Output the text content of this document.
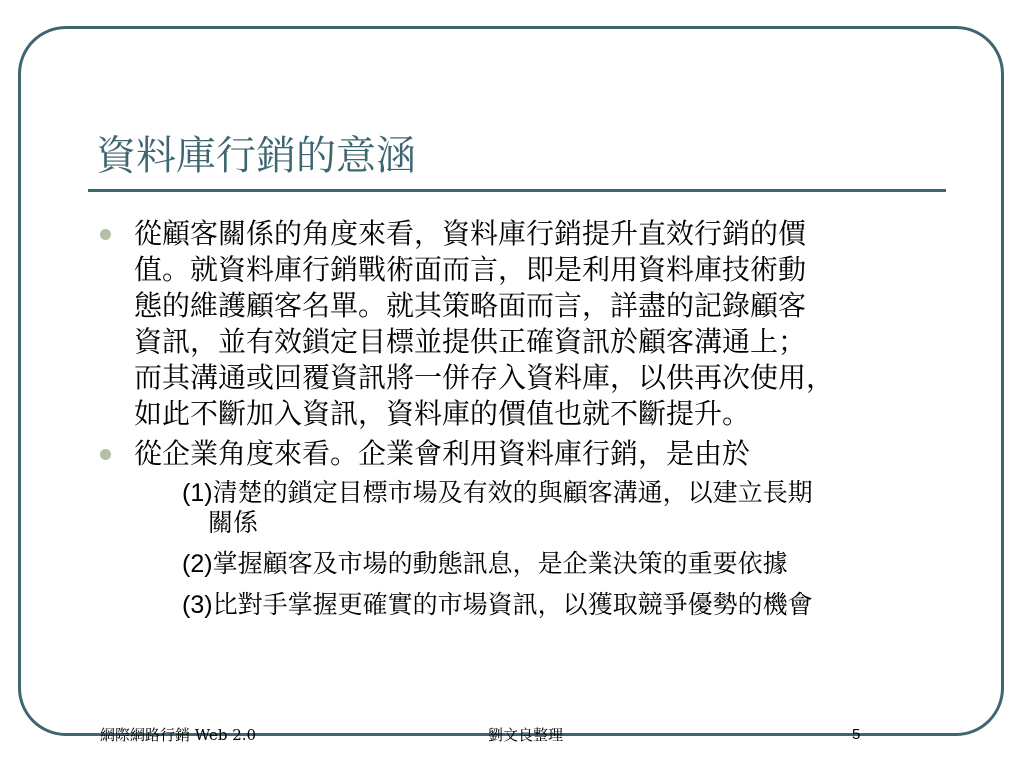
資料庫行銷的意涵
從顧客關係的角度來看，資料庫行銷提升直效行銷的價
值。就資料庫行銷戰術面而言，即是利用資料庫技術動
態的維護顧客名單。就其策略面而言，詳盡的記錄顧客
資訊，並有效鎖定目標並提供正確資訊於顧客溝通上；
而其溝通或回覆資訊將一併存入資料庫，以供再次使用，
如此不斷加入資訊，資料庫的價值也就不斷提升。
從企業角度來看。企業會利用資料庫行銷，是由於
(1)清楚的鎖定目標市場及有效的與顧客溝通，以建立長期
關係
(2)掌握顧客及市場的動態訊息，是企業決策的重要依據
(3)比對手掌握更確實的市場資訊，以獲取競爭優勢的機會
網際網路行銷 Web 2.0	劉文良整理	5
